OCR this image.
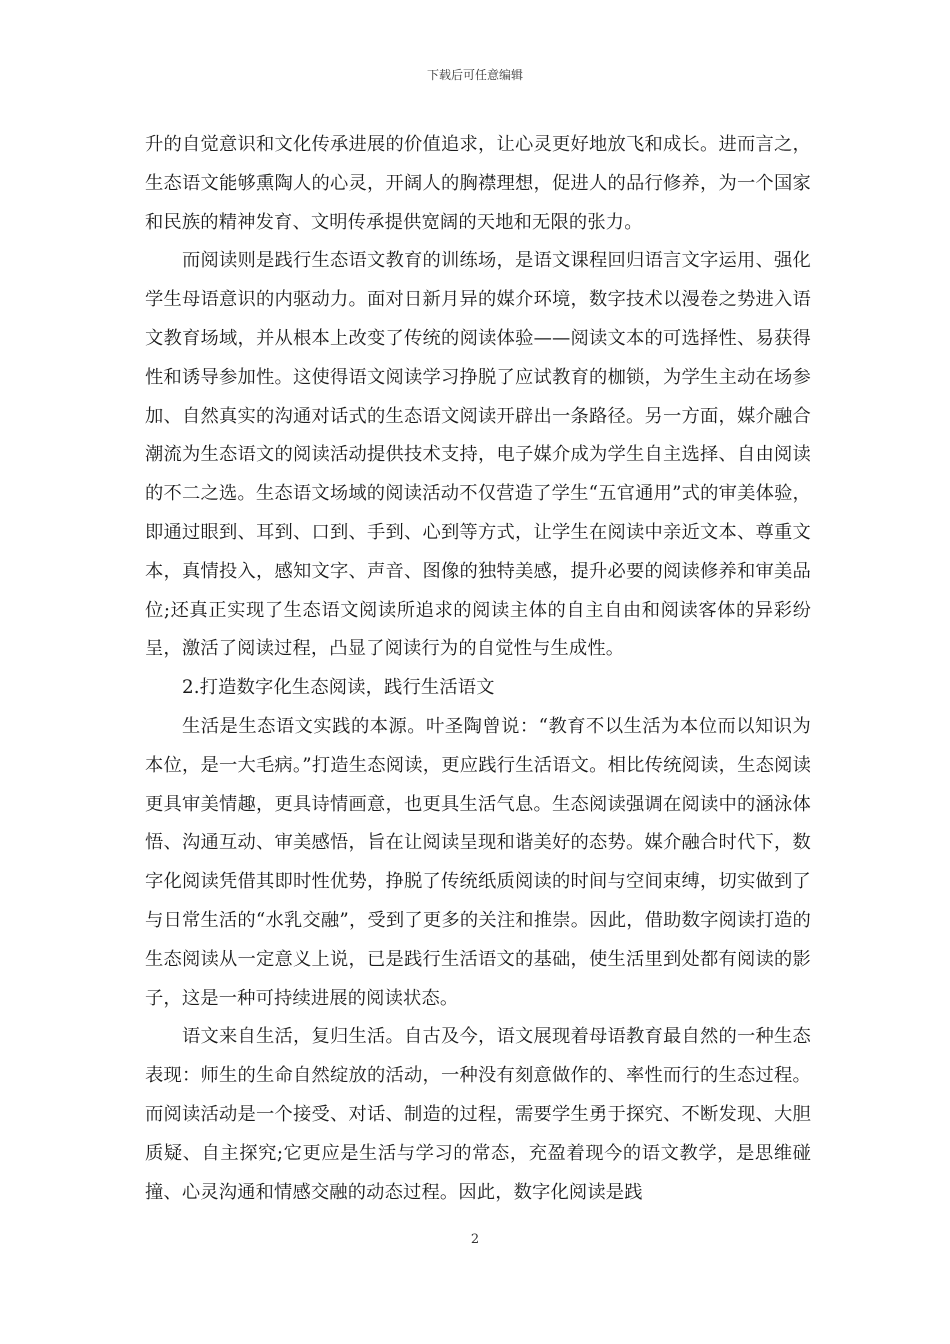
下载后可任意编辑

升的自觉意识和文化传承进展的价值追求，让心灵更好地放飞和成长。进而言之，生态语文能够熏陶人的心灵，开阔人的胸襟理想，促进人的品行修养，为一个国家和民族的精神发育、文明传承提供宽阔的天地和无限的张力。

而阅读则是践行生态语文教育的训练场，是语文课程回归语言文字运用、强化学生母语意识的内驱动力。面对日新月异的媒介环境，数字技术以漫卷之势进入语文教育场域，并从根本上改变了传统的阅读体验——阅读文本的可选择性、易获得性和诱导参加性。这使得语文阅读学习挣脱了应试教育的枷锁，为学生主动在场参加、自然真实的沟通对话式的生态语文阅读开辟出一条路径。另一方面，媒介融合潮流为生态语文的阅读活动提供技术支持，电子媒介成为学生自主选择、自由阅读的不二之选。生态语文场域的阅读活动不仅营造了学生“五官通用”式的审美体验，即通过眼到、耳到、口到、手到、心到等方式，让学生在阅读中亲近文本、尊重文本，真情投入，感知文字、声音、图像的独特美感，提升必要的阅读修养和审美品位;还真正实现了生态语文阅读所追求的阅读主体的自主自由和阅读客体的异彩纷呈，激活了阅读过程，凸显了阅读行为的自觉性与生成性。

2.打造数字化生态阅读，践行生活语文

生活是生态语文实践的本源。叶圣陶曾说：“教育不以生活为本位而以知识为本位，是一大毛病。”打造生态阅读，更应践行生活语文。相比传统阅读，生态阅读更具审美情趣，更具诗情画意，也更具生活气息。生态阅读强调在阅读中的涵泳体悟、沟通互动、审美感悟，旨在让阅读呈现和谐美好的态势。媒介融合时代下，数字化阅读凭借其即时性优势，挣脱了传统纸质阅读的时间与空间束缚，切实做到了与日常生活的“水乳交融”，受到了更多的关注和推崇。因此，借助数字阅读打造的生态阅读从一定意义上说，已是践行生活语文的基础，使生活里到处都有阅读的影子，这是一种可持续进展的阅读状态。

语文来自生活，复归生活。自古及今，语文展现着母语教育最自然的一种生态表现：师生的生命自然绽放的活动，一种没有刻意做作的、率性而行的生态过程。而阅读活动是一个接受、对话、制造的过程，需要学生勇于探究、不断发现、大胆质疑、自主探究;它更应是生活与学习的常态，充盈着现今的语文教学，是思维碰撞、心灵沟通和情感交融的动态过程。因此，数字化阅读是践

2
